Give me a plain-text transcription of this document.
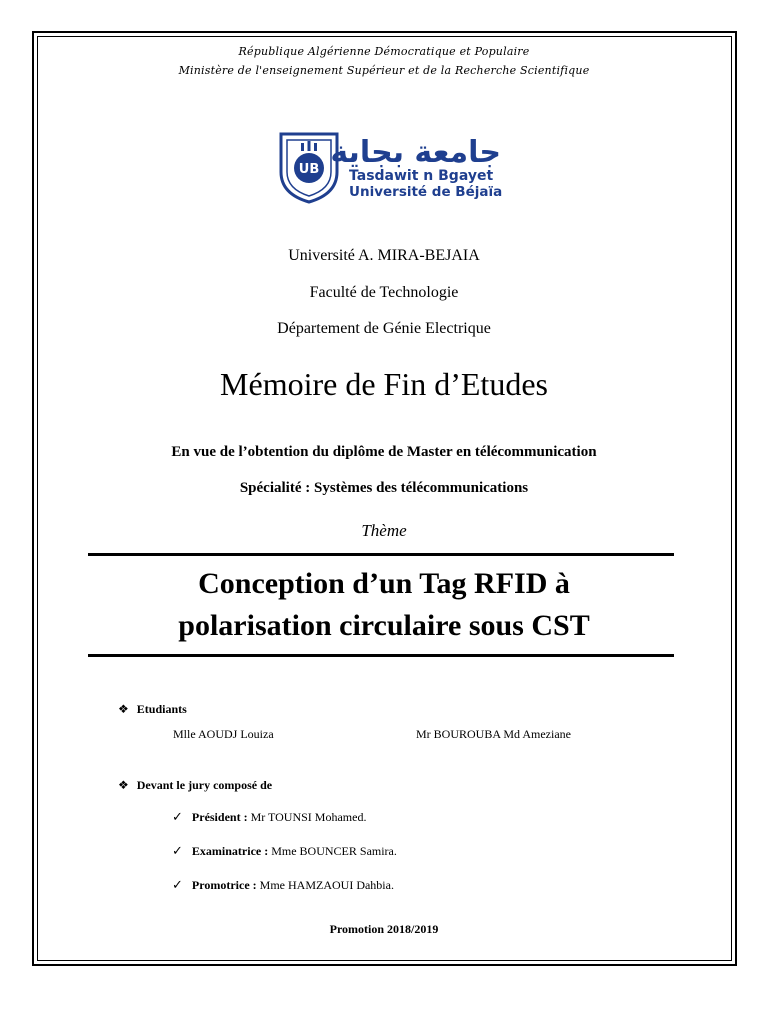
République Algérienne Démocratique et Populaire
Ministère de l'enseignement Supérieur et de la Recherche Scientifique
UB جامعة بجاية
Tasdawit n Bgayet
Université de Béjaïa
Université A. MIRA-BEJAIA
Faculté de Technologie
Département de Génie Electrique
Mémoire de Fin d’Etudes
En vue de l’obtention du diplôme de Master en télécommunication
Spécialité : Systèmes des télécommunications
Thème
Conception d’un Tag RFID à
polarisation circulaire sous CST
❖ Etudiants
Mlle AOUDJ Louiza	Mr BOUROUBA Md Ameziane
❖ Devant le jury composé de
✓ Président : Mr TOUNSI Mohamed.
✓ Examinatrice : Mme BOUNCER Samira.
✓ Promotrice : Mme HAMZAOUI Dahbia.
Promotion 2018/2019
